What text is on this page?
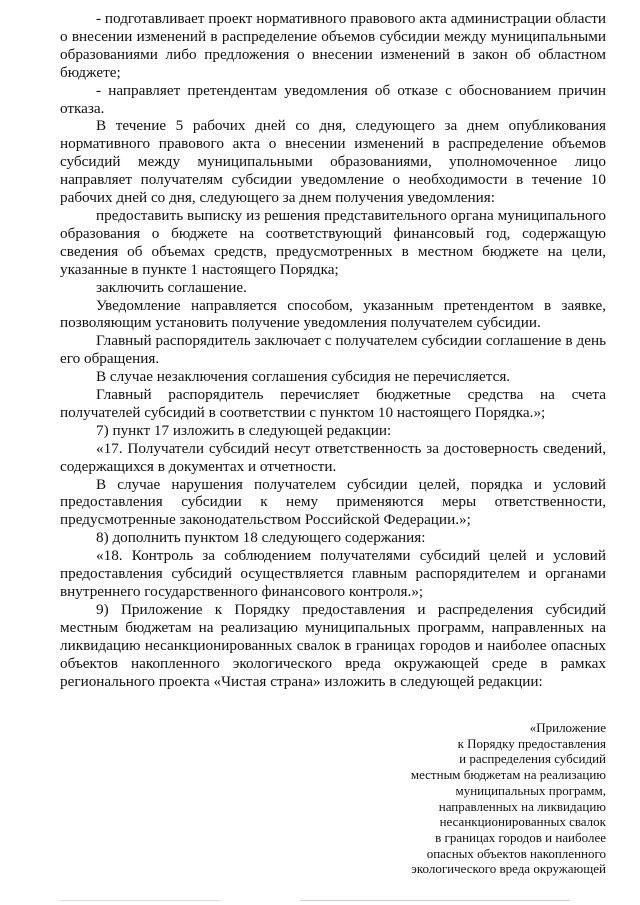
- подготавливает проект нормативного правового акта администрации области о внесении изменений в распределение объемов субсидии между муниципальными образованиями либо предложения о внесении изменений в закон об областном бюджете;

- направляет претендентам уведомления об отказе с обоснованием причин отказа.

В течение 5 рабочих дней со дня, следующего за днем опубликования нормативного правового акта о внесении изменений в распределение объемов субсидий между муниципальными образованиями, уполномоченное лицо направляет получателям субсидии уведомление о необходимости в течение 10 рабочих дней со дня, следующего за днем получения уведомления:

предоставить выписку из решения представительного органа муниципального образования о бюджете на соответствующий финансовый год, содержащую сведения об объемах средств, предусмотренных в местном бюджете на цели, указанные в пункте 1 настоящего Порядка;

заключить соглашение.

Уведомление направляется способом, указанным претендентом в заявке, позволяющим установить получение уведомления получателем субсидии.

Главный распорядитель заключает с получателем субсидии соглашение в день его обращения.

В случае незаключения соглашения субсидия не перечисляется.

Главный распорядитель перечисляет бюджетные средства на счета получателей субсидий в соответствии с пунктом 10 настоящего Порядка.»;

7) пункт 17 изложить в следующей редакции:

«17. Получатели субсидий несут ответственность за достоверность сведений, содержащихся в документах и отчетности.

В случае нарушения получателем субсидии целей, порядка и условий предоставления субсидии к нему применяются меры ответственности, предусмотренные законодательством Российской Федерации.»;

8) дополнить пунктом 18 следующего содержания:

«18. Контроль за соблюдением получателями субсидий целей и условий предоставления субсидий осуществляется главным распорядителем и органами внутреннего государственного финансового контроля.»;

9) Приложение к Порядку предоставления и распределения субсидий местным бюджетам на реализацию муниципальных программ, направленных на ликвидацию несанкционированных свалок в границах городов и наиболее опасных объектов накопленного экологического вреда окружающей среде в рамках регионального проекта «Чистая страна» изложить в следующей редакции:

«Приложение
к Порядку предоставления
и распределения субсидий
местным бюджетам на реализацию
муниципальных программ,
направленных на ликвидацию
несанкционированных свалок
в границах городов и наиболее
опасных объектов накопленного
экологического вреда окружающей
